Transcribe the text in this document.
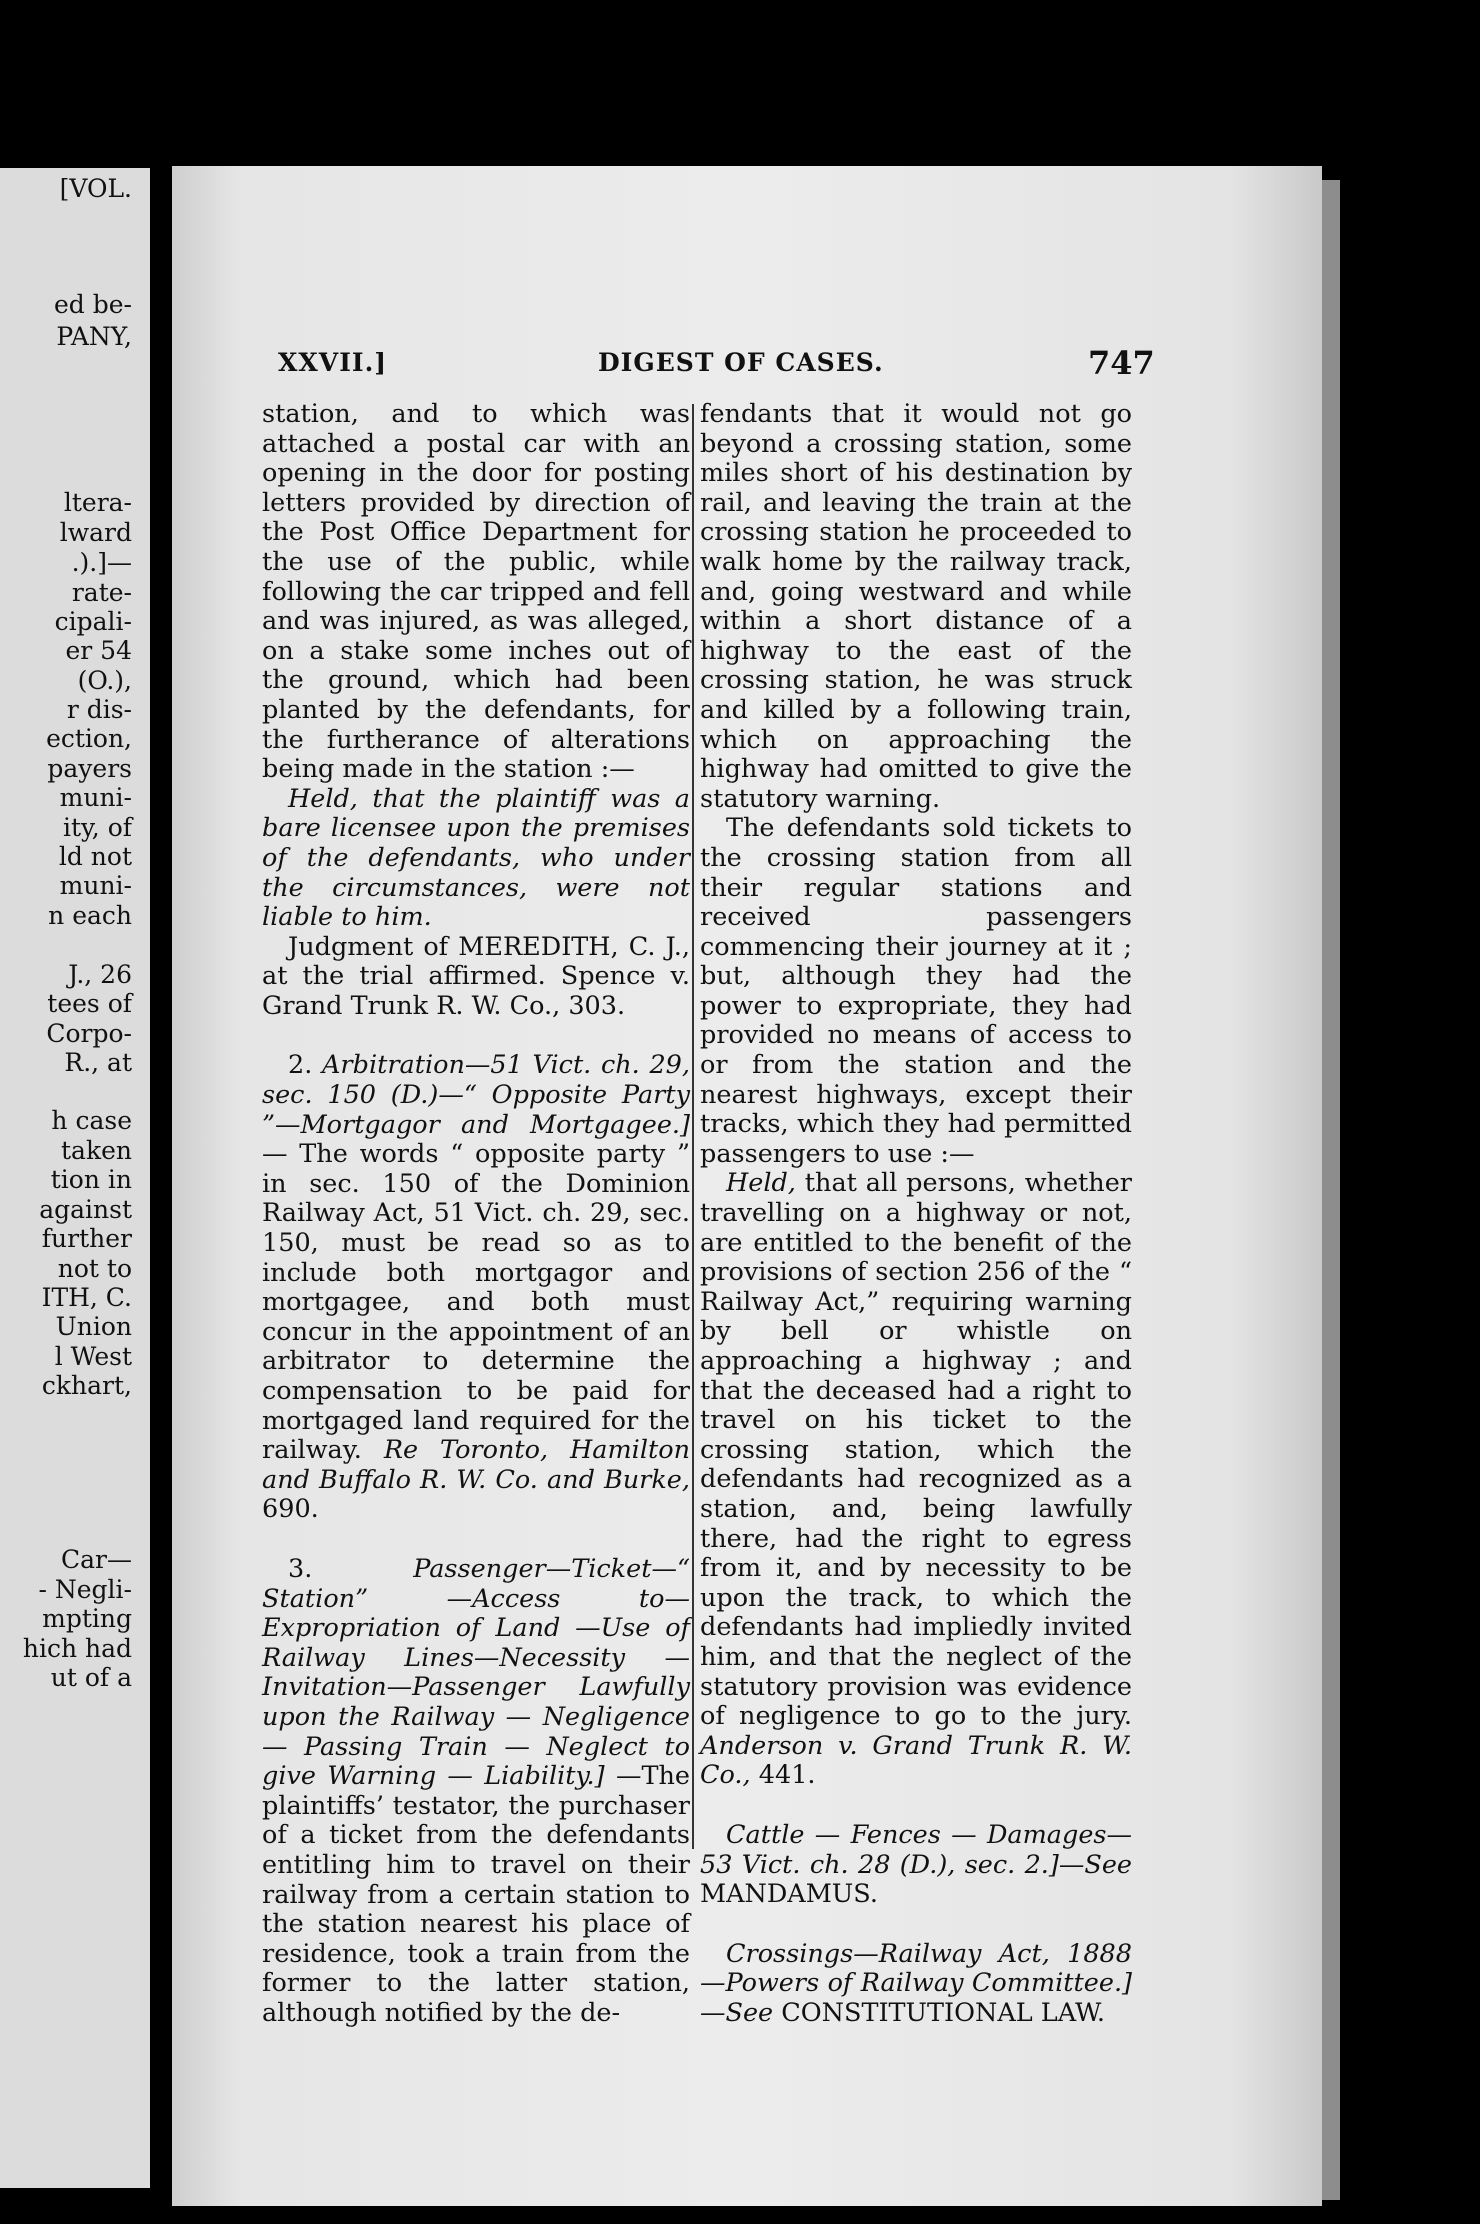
[VOL.
ed be-
PANY,
ltera-
lward
.).]—
rate-
cipali-
er 54
(O.),
r dis-
ection,
payers
muni-
ity, of
ld not
muni-
n each
J., 26
tees of
Corpo-
R., at
h case
taken
tion in
against
further
not to
ITH, C.
Union
l West
ckhart,
Car—
- Negli-
mpting
hich had
ut of a
XXVII.]	DIGEST OF CASES.	747

station, and to which was attached a postal car with an opening in the door for posting letters provided by direction of the Post Office Department for the use of the public, while following the car tripped and fell and was injured, as was alleged, on a stake some inches out of the ground, which had been planted by the defendants, for the furtherance of alterations being made in the station :—

Held, that the plaintiff was a bare licensee upon the premises of the defendants, who under the circumstances, were not liable to him.

Judgment of MEREDITH, C. J., at the trial affirmed. Spence v. Grand Trunk R. W. Co., 303.

2. Arbitration—51 Vict. ch. 29, sec. 150 (D.)—“ Opposite Party ”—Mortgagor and Mortgagee.] — The words “ opposite party ” in sec. 150 of the Dominion Railway Act, 51 Vict. ch. 29, sec. 150, must be read so as to include both mortgagor and mortgagee, and both must concur in the appointment of an arbitrator to determine the compensation to be paid for mortgaged land required for the railway. Re Toronto, Hamilton and Buffalo R. W. Co. and Burke, 690.

3.	Passenger—Ticket—“ Station” —Access to—Expropriation of Land —Use of Railway Lines—Necessity —Invitation—Passenger Lawfully upon the Railway — Negligence — Passing Train — Neglect to give Warning — Liability.] —The plaintiffs’ testator, the purchaser of a ticket from the defendants entitling him to travel on their railway from a certain station to the station nearest his place of residence, took a train from the former to the latter station, although notified by the de-

fendants that it would not go beyond a crossing station, some miles short of his destination by rail, and leaving the train at the crossing station he proceeded to walk home by the railway track, and, going westward and while within a short distance of a highway to the east of the crossing station, he was struck and killed by a following train, which on approaching the highway had omitted to give the statutory warning.

The defendants sold tickets to the crossing station from all their regular stations and received passengers commencing their journey at it ; but, although they had the power to expropriate, they had provided no means of access to or from the station and the nearest highways, except their tracks, which they had permitted passengers to use :—

Held, that all persons, whether travelling on a highway or not, are entitled to the benefit of the provisions of section 256 of the “ Railway Act,” requiring warning by bell or whistle on approaching a highway ; and that the deceased had a right to travel on his ticket to the crossing station, which the defendants had recognized as a station, and, being lawfully there, had the right to egress from it, and by necessity to be upon the track, to which the defendants had impliedly invited him, and that the neglect of the statutory provision was evidence of negligence to go to the jury. Anderson v. Grand Trunk R. W. Co., 441.

Cattle — Fences — Damages—53 Vict. ch. 28 (D.), sec. 2.]—See MANDAMUS.

Crossings—Railway Act, 1888—Powers of Railway Committee.]—See CONSTITUTIONAL LAW.
